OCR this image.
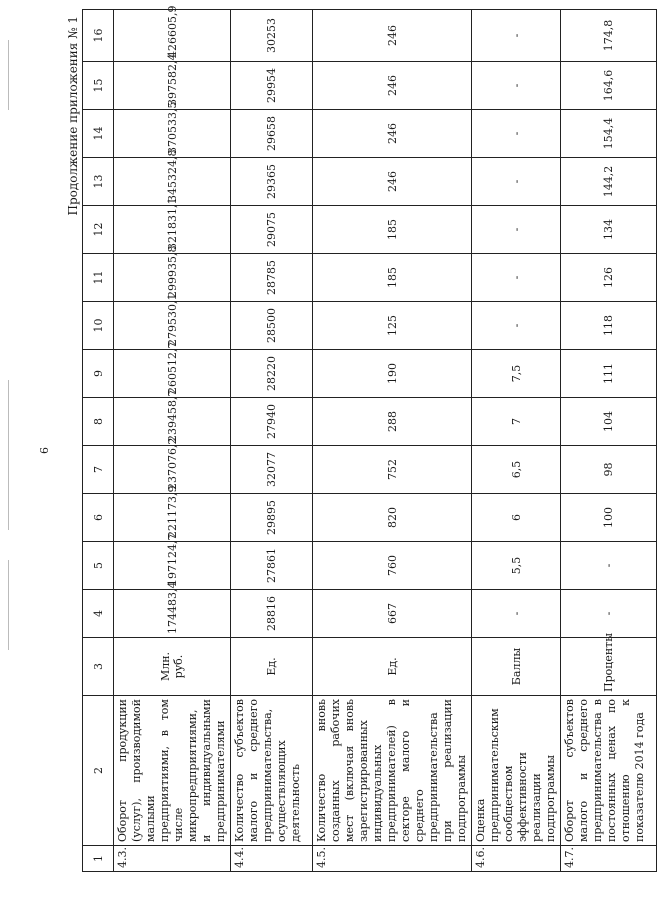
9
Продолжение приложения № 1
1	2	3	4	5	6	7	8	9	10	11	12	13	14	15	16
4.3.	Оборот продукции (услуг), производимой малыми предприятиями, в том числе микропредприятиями, и индивидуальными предпринимателями	Млн. руб.	174483,4	197124,7	221173,9	237076,2	239458,7	260512,7	279530,1	299935,8	321831,1	345324,8	370533,5	397582,4	426605,9
4.4.	Количество субъектов малого и среднего предпринимательства, осуществляющих деятельность	Ед.	28816	27861	29895	32077	27940	28220	28500	28785	29075	29365	29658	29954	30253
4.5.	Количество вновь созданных рабочих мест (включая вновь зарегистрированных индивидуальных предпринимателей) в секторе малого и среднего предпринимательства при реализации подпрограммы	Ед.	667	760	820	752	288	190	125	185	185	246	246	246	246
4.6.	Оценка предпринимательским сообществом эффективности реализации подпрограммы	Баллы	-	5,5	6	6,5	7	7,5	-	-	-	-	-	-	-
4.7.	Оборот субъектов малого и среднего предпринимательства в постоянных ценах по отношению к показателю 2014 года	Проценты	-	-	100	98	104	111	118	126	134	144,2	154,4	164,6	174,8
